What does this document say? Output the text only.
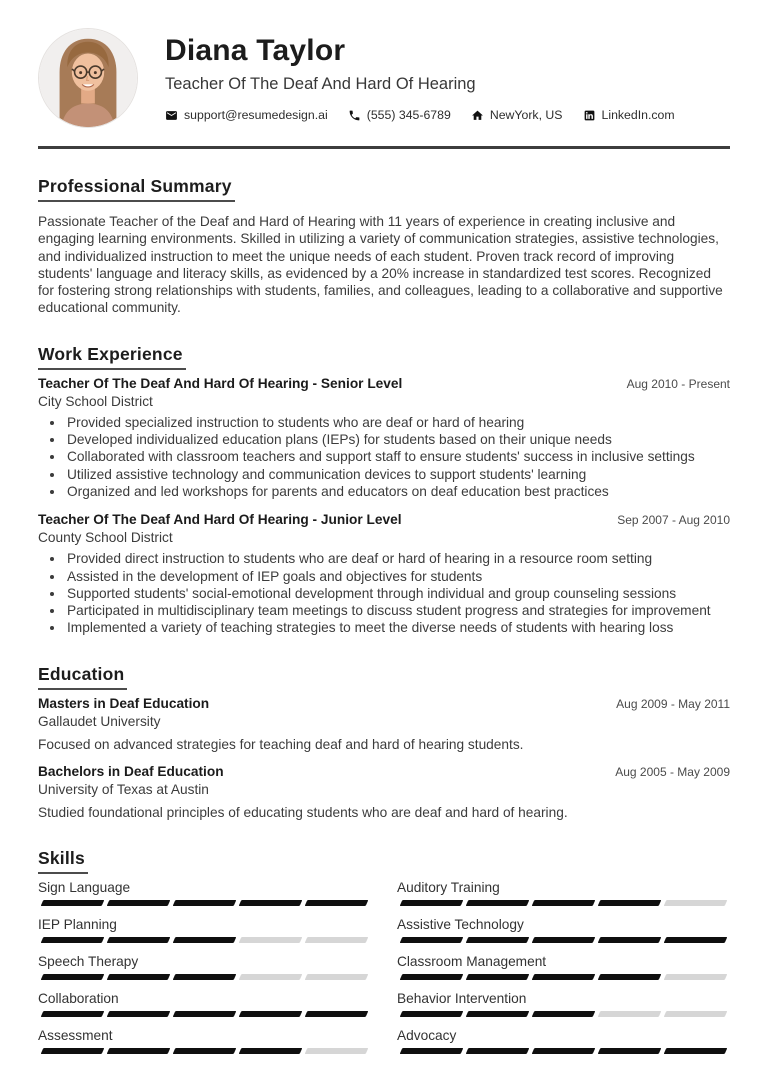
Diana Taylor
Teacher Of The Deaf And Hard Of Hearing
support@resumedesign.ai	(555) 345-6789	NewYork, US	LinkedIn.com
Professional Summary

Passionate Teacher of the Deaf and Hard of Hearing with 11 years of experience in creating inclusive and engaging learning environments. Skilled in utilizing a variety of communication strategies, assistive technologies, and individualized instruction to meet the unique needs of each student. Proven track record of improving students' language and literacy skills, as evidenced by a 20% increase in standardized test scores. Recognized for fostering strong relationships with students, families, and colleagues, leading to a collaborative and supportive educational community.

Work Experience
Teacher Of The Deaf And Hard Of Hearing - Senior Level	Aug 2010 - Present
City School District
• Provided specialized instruction to students who are deaf or hard of hearing
• Developed individualized education plans (IEPs) for students based on their unique needs
• Collaborated with classroom teachers and support staff to ensure students' success in inclusive settings
• Utilized assistive technology and communication devices to support students' learning
• Organized and led workshops for parents and educators on deaf education best practices
Teacher Of The Deaf And Hard Of Hearing - Junior Level	Sep 2007 - Aug 2010
County School District
• Provided direct instruction to students who are deaf or hard of hearing in a resource room setting
• Assisted in the development of IEP goals and objectives for students
• Supported students' social-emotional development through individual and group counseling sessions
• Participated in multidisciplinary team meetings to discuss student progress and strategies for improvement
• Implemented a variety of teaching strategies to meet the diverse needs of students with hearing loss
Education
Masters in Deaf Education	Aug 2009 - May 2011
Gallaudet University

Focused on advanced strategies for teaching deaf and hard of hearing students.

Bachelors in Deaf Education	Aug 2005 - May 2009
University of Texas at Austin

Studied foundational principles of educating students who are deaf and hard of hearing.

Skills
Sign Language
IEP Planning
Speech Therapy
Collaboration
Assessment
Auditory Training
Assistive Technology
Classroom Management
Behavior Intervention
Advocacy
